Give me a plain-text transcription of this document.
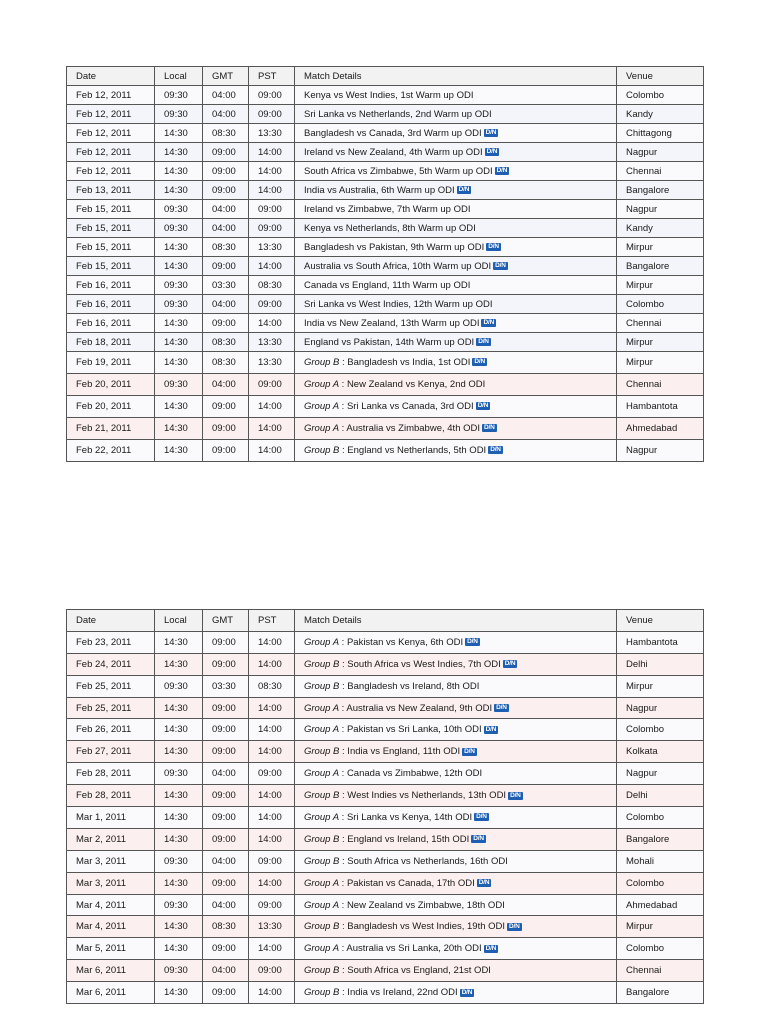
Date	Local	GMT	PST	Match Details	Venue
Feb 12, 2011	09:30	04:00	09:00	Kenya vs West Indies, 1st Warm up ODI	Colombo
Feb 12, 2011	09:30	04:00	09:00	Sri Lanka vs Netherlands, 2nd Warm up ODI	Kandy
Feb 12, 2011	14:30	08:30	13:30	Bangladesh vs Canada, 3rd Warm up ODI D/N	Chittagong
Feb 12, 2011	14:30	09:00	14:00	Ireland vs New Zealand, 4th Warm up ODI D/N	Nagpur
Feb 12, 2011	14:30	09:00	14:00	South Africa vs Zimbabwe, 5th Warm up ODI D/N	Chennai
Feb 13, 2011	14:30	09:00	14:00	India vs Australia, 6th Warm up ODI D/N	Bangalore
Feb 15, 2011	09:30	04:00	09:00	Ireland vs Zimbabwe, 7th Warm up ODI	Nagpur
Feb 15, 2011	09:30	04:00	09:00	Kenya vs Netherlands, 8th Warm up ODI	Kandy
Feb 15, 2011	14:30	08:30	13:30	Bangladesh vs Pakistan, 9th Warm up ODI D/N	Mirpur
Feb 15, 2011	14:30	09:00	14:00	Australia vs South Africa, 10th Warm up ODI D/N	Bangalore
Feb 16, 2011	09:30	03:30	08:30	Canada vs England, 11th Warm up ODI	Mirpur
Feb 16, 2011	09:30	04:00	09:00	Sri Lanka vs West Indies, 12th Warm up ODI	Colombo
Feb 16, 2011	14:30	09:00	14:00	India vs New Zealand, 13th Warm up ODI D/N	Chennai
Feb 18, 2011	14:30	08:30	13:30	England vs Pakistan, 14th Warm up ODI D/N	Mirpur
Feb 19, 2011	14:30	08:30	13:30	Group B : Bangladesh vs India, 1st ODI D/N	Mirpur
Feb 20, 2011	09:30	04:00	09:00	Group A : New Zealand vs Kenya, 2nd ODI	Chennai
Feb 20, 2011	14:30	09:00	14:00	Group A : Sri Lanka vs Canada, 3rd ODI D/N	Hambantota
Feb 21, 2011	14:30	09:00	14:00	Group A : Australia vs Zimbabwe, 4th ODI D/N	Ahmedabad
Feb 22, 2011	14:30	09:00	14:00	Group B : England vs Netherlands, 5th ODI D/N	Nagpur
Date	Local	GMT	PST	Match Details	Venue
Feb 23, 2011	14:30	09:00	14:00	Group A : Pakistan vs Kenya, 6th ODI D/N	Hambantota
Feb 24, 2011	14:30	09:00	14:00	Group B : South Africa vs West Indies, 7th ODI D/N	Delhi
Feb 25, 2011	09:30	03:30	08:30	Group B : Bangladesh vs Ireland, 8th ODI	Mirpur
Feb 25, 2011	14:30	09:00	14:00	Group A : Australia vs New Zealand, 9th ODI D/N	Nagpur
Feb 26, 2011	14:30	09:00	14:00	Group A : Pakistan vs Sri Lanka, 10th ODI D/N	Colombo
Feb 27, 2011	14:30	09:00	14:00	Group B : India vs England, 11th ODI D/N	Kolkata
Feb 28, 2011	09:30	04:00	09:00	Group A : Canada vs Zimbabwe, 12th ODI	Nagpur
Feb 28, 2011	14:30	09:00	14:00	Group B : West Indies vs Netherlands, 13th ODI D/N	Delhi
Mar 1, 2011	14:30	09:00	14:00	Group A : Sri Lanka vs Kenya, 14th ODI D/N	Colombo
Mar 2, 2011	14:30	09:00	14:00	Group B : England vs Ireland, 15th ODI D/N	Bangalore
Mar 3, 2011	09:30	04:00	09:00	Group B : South Africa vs Netherlands, 16th ODI	Mohali
Mar 3, 2011	14:30	09:00	14:00	Group A : Pakistan vs Canada, 17th ODI D/N	Colombo
Mar 4, 2011	09:30	04:00	09:00	Group A : New Zealand vs Zimbabwe, 18th ODI	Ahmedabad
Mar 4, 2011	14:30	08:30	13:30	Group B : Bangladesh vs West Indies, 19th ODI D/N	Mirpur
Mar 5, 2011	14:30	09:00	14:00	Group A : Australia vs Sri Lanka, 20th ODI D/N	Colombo
Mar 6, 2011	09:30	04:00	09:00	Group B : South Africa vs England, 21st ODI	Chennai
Mar 6, 2011	14:30	09:00	14:00	Group B : India vs Ireland, 22nd ODI D/N	Bangalore
